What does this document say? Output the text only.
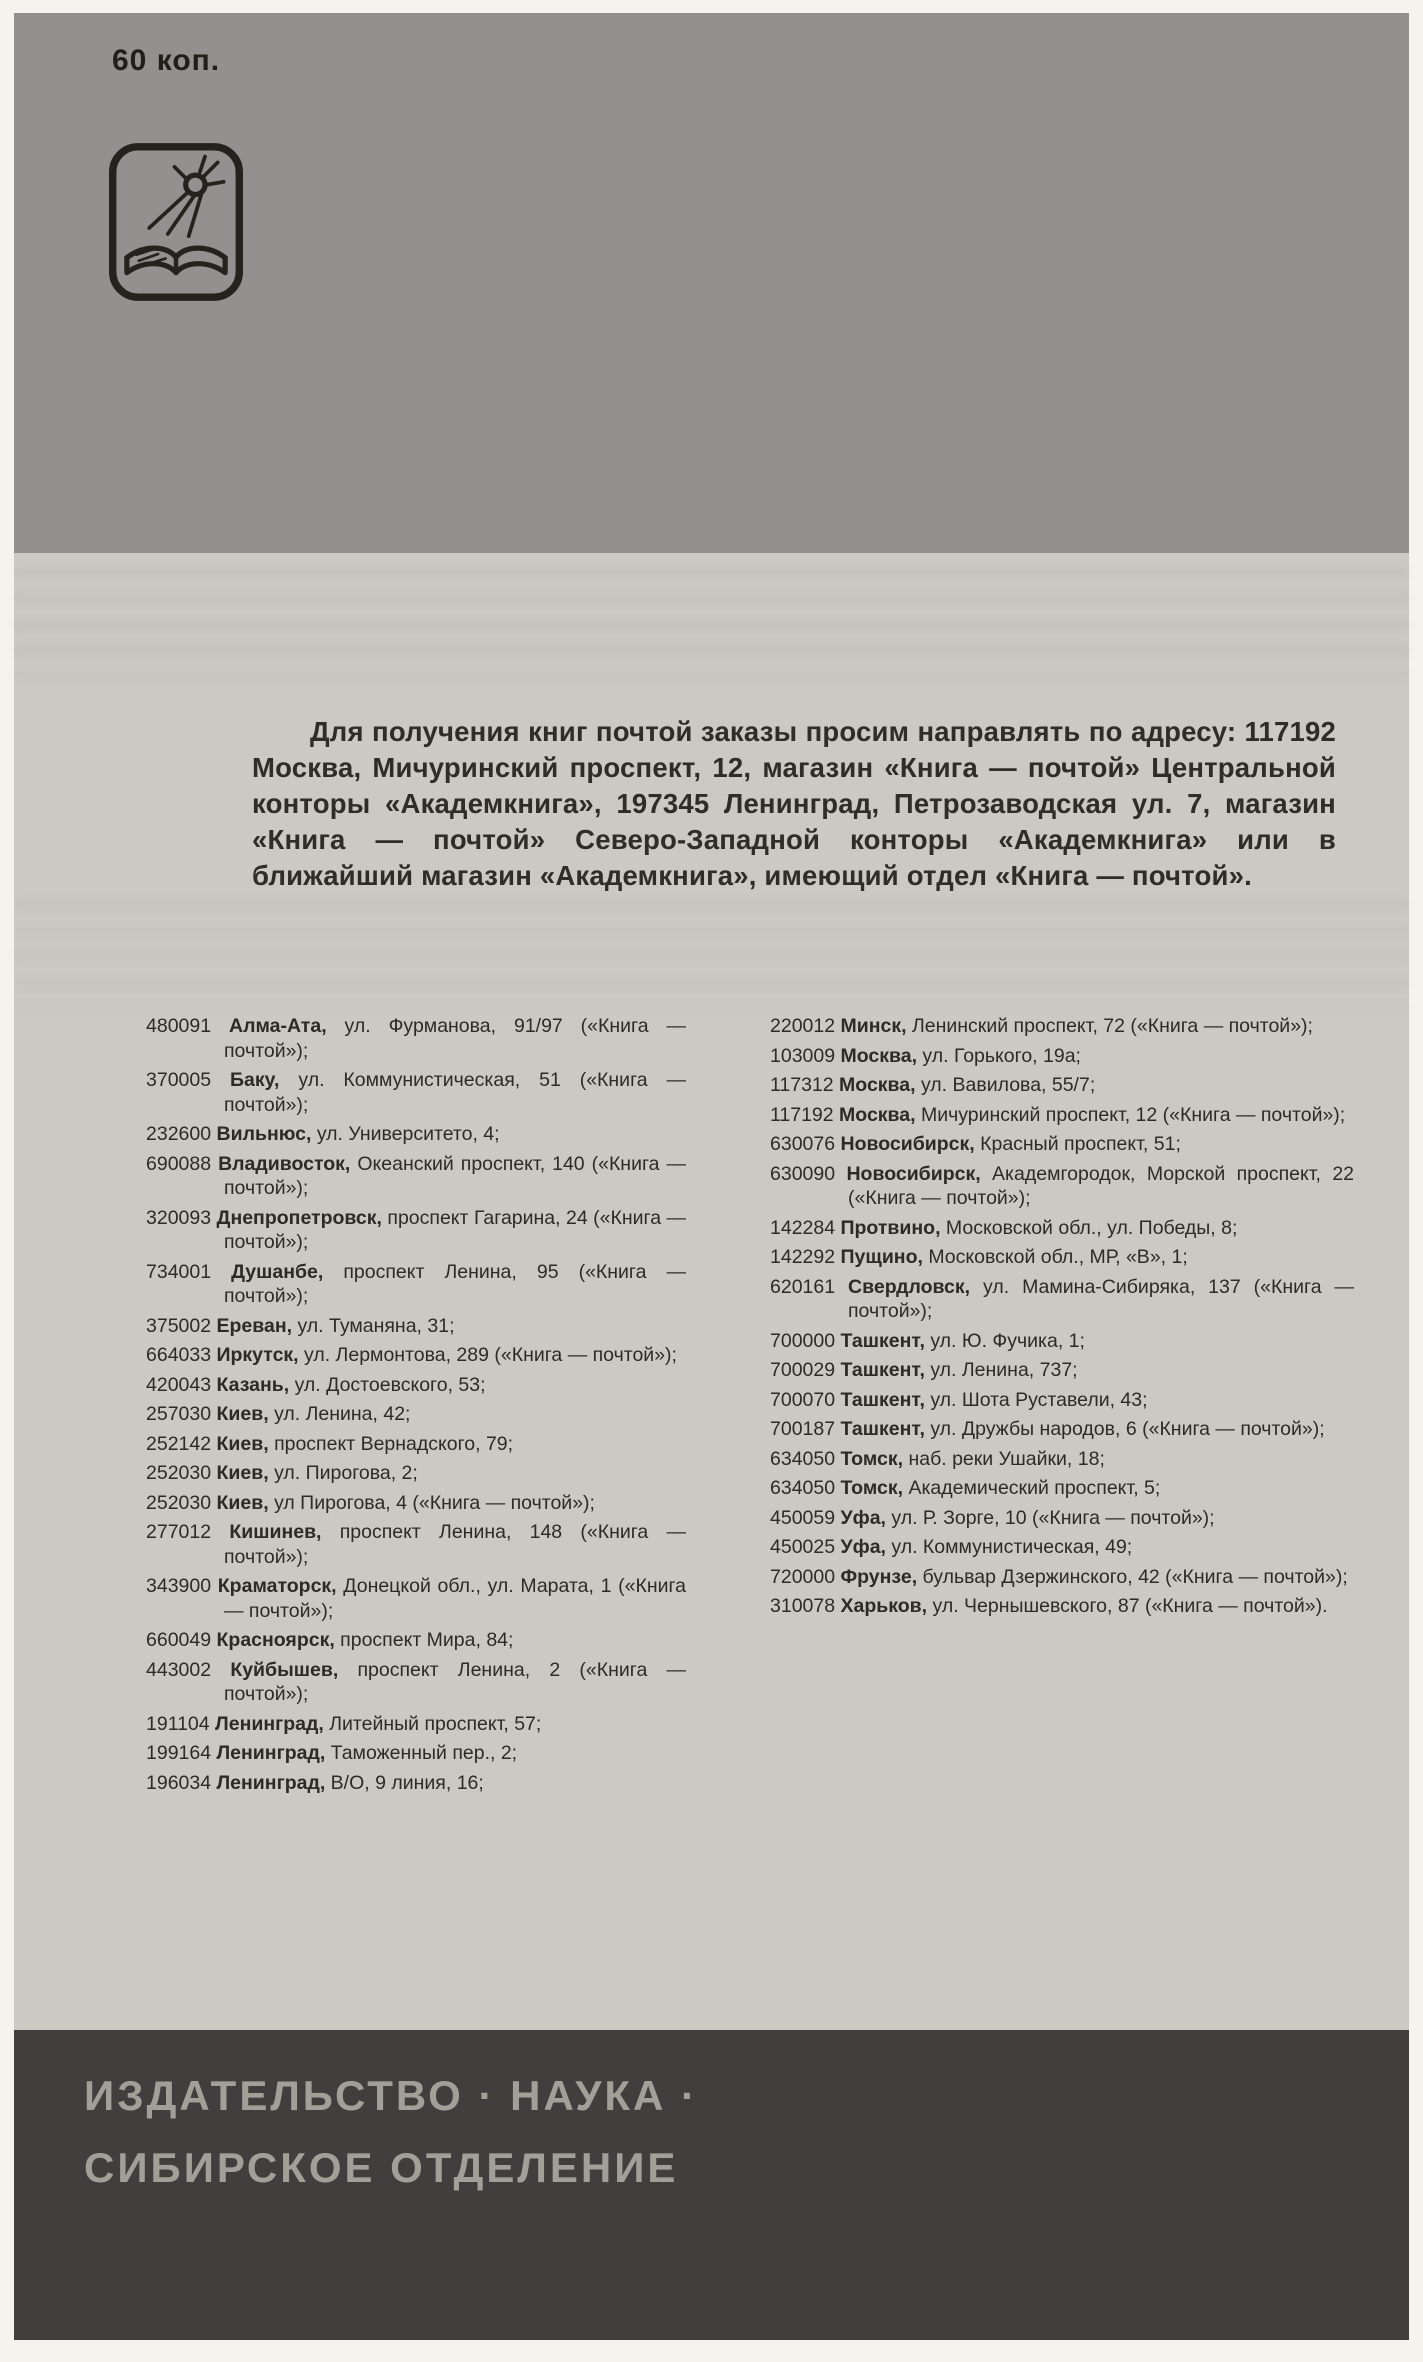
60 коп.

Для получения книг почтой заказы просим направлять по адресу: 117192 Москва, Мичуринский проспект, 12, магазин «Книга — почтой» Центральной конторы «Академкнига», 197345 Ленинград, Петрозаводская ул. 7, магазин «Книга — почтой» Северо-Западной конторы «Академкнига» или в ближайший магазин «Академкнига», имеющий отдел «Книга — почтой».

480091 Алма-Ата, ул. Фурманова, 91/97 («Книга — почтой»);
370005 Баку, ул. Коммунистическая, 51 («Книга — почтой»);
232600 Вильнюс, ул. Университето, 4;
690088 Владивосток, Океанский проспект, 140 («Книга — почтой»);
320093 Днепропетровск, проспект Гагарина, 24 («Книга — почтой»);
734001 Душанбе, проспект Ленина, 95 («Книга — почтой»);
375002 Ереван, ул. Туманяна, 31;
664033 Иркутск, ул. Лермонтова, 289 («Книга — почтой»);
420043 Казань, ул. Достоевского, 53;
257030 Киев, ул. Ленина, 42;
252142 Киев, проспект Вернадского, 79;
252030 Киев, ул. Пирогова, 2;
252030 Киев, ул Пирогова, 4 («Книга — почтой»);
277012 Кишинев, проспект Ленина, 148 («Книга — почтой»);
343900 Краматорск, Донецкой обл., ул. Марата, 1 («Книга — почтой»);
660049 Красноярск, проспект Мира, 84;
443002 Куйбышев, проспект Ленина, 2 («Книга — почтой»);
191104 Ленинград, Литейный проспект, 57;
199164 Ленинград, Таможенный пер., 2;
196034 Ленинград, В/О, 9 линия, 16;
220012 Минск, Ленинский проспект, 72 («Книга — почтой»);
103009 Москва, ул. Горького, 19а;
117312 Москва, ул. Вавилова, 55/7;
117192 Москва, Мичуринский проспект, 12 («Книга — почтой»);
630076 Новосибирск, Красный проспект, 51;
630090 Новосибирск, Академгородок, Морской проспект, 22 («Книга — почтой»);
142284 Протвино, Московской обл., ул. Победы, 8;
142292 Пущино, Московской обл., МР, «В», 1;
620161 Свердловск, ул. Мамина-Сибиряка, 137 («Книга — почтой»);
700000 Ташкент, ул. Ю. Фучика, 1;
700029 Ташкент, ул. Ленина, 737;
700070 Ташкент, ул. Шота Руставели, 43;
700187 Ташкент, ул. Дружбы народов, 6 («Книга — почтой»);
634050 Томск, наб. реки Ушайки, 18;
634050 Томск, Академический проспект, 5;
450059 Уфа, ул. Р. Зорге, 10 («Книга — почтой»);
450025 Уфа, ул. Коммунистическая, 49;
720000 Фрунзе, бульвар Дзержинского, 42 («Книга — почтой»);
310078 Харьков, ул. Чернышевского, 87 («Книга — почтой»).
ИЗДАТЕЛЬСТВО · НАУКА ·
СИБИРСКОЕ ОТДЕЛЕНИЕ
